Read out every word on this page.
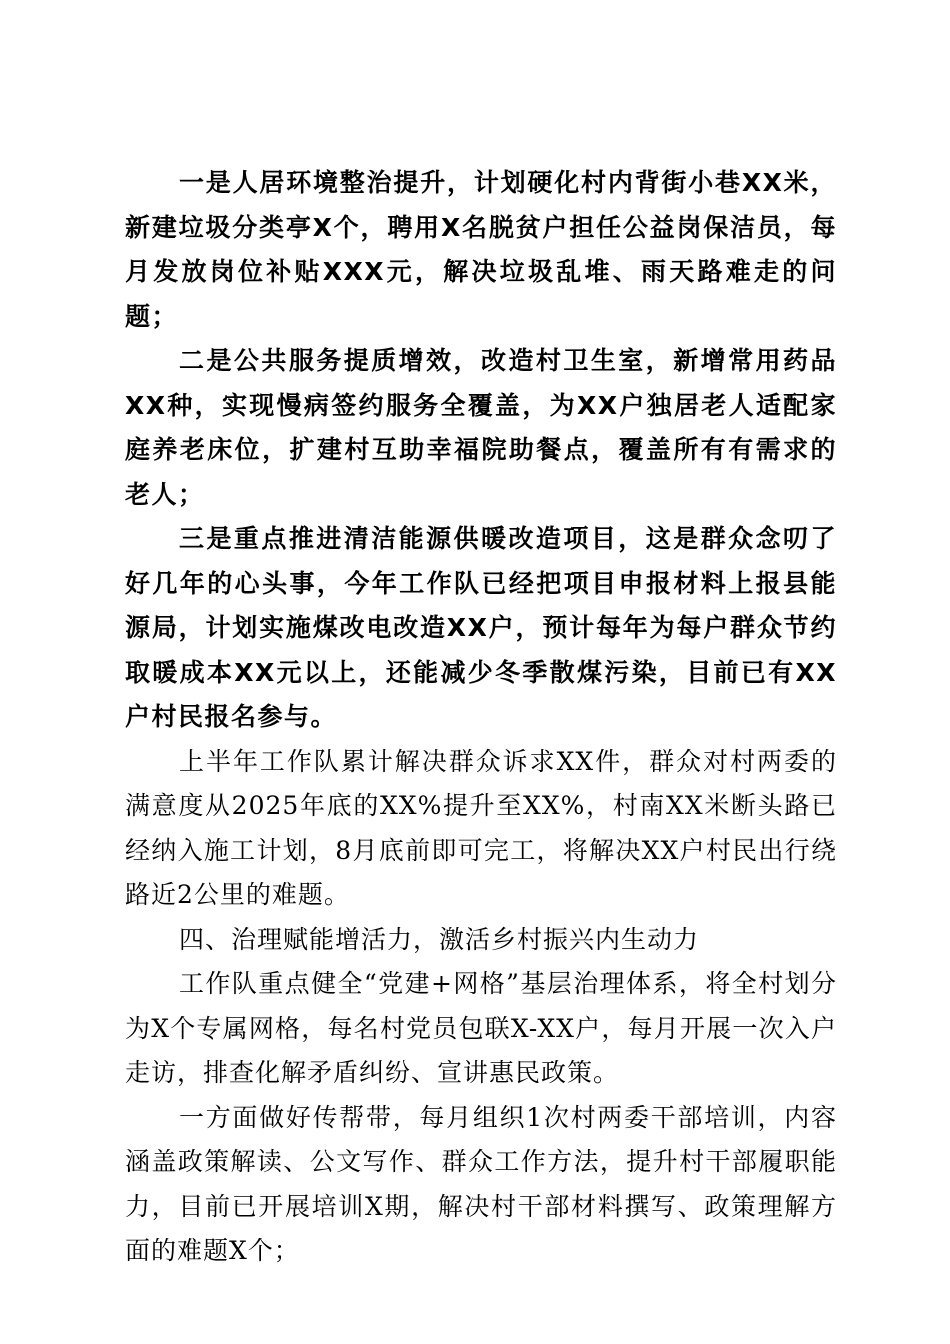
一是人居环境整治提升，计划硬化村内背街小巷XX米，新建垃圾分类亭X个，聘用X名脱贫户担任公益岗保洁员，每月发放岗位补贴XXX元，解决垃圾乱堆、雨天路难走的问题；

二是公共服务提质增效，改造村卫生室，新增常用药品XX种，实现慢病签约服务全覆盖，为XX户独居老人适配家庭养老床位，扩建村互助幸福院助餐点，覆盖所有有需求的老人；

三是重点推进清洁能源供暖改造项目，这是群众念叨了好几年的心头事，今年工作队已经把项目申报材料上报县能源局，计划实施煤改电改造XX户，预计每年为每户群众节约取暖成本XX元以上，还能减少冬季散煤污染，目前已有XX户村民报名参与。

上半年工作队累计解决群众诉求XX件，群众对村两委的满意度从2025年底的XX%提升至XX%，村南XX米断头路已经纳入施工计划，8月底前即可完工，将解决XX户村民出行绕路近2公里的难题。

四、治理赋能增活力，激活乡村振兴内生动力

工作队重点健全“党建+网格”基层治理体系，将全村划分为X个专属网格，每名村党员包联X-XX户，每月开展一次入户走访，排查化解矛盾纠纷、宣讲惠民政策。

一方面做好传帮带，每月组织1次村两委干部培训，内容涵盖政策解读、公文写作、群众工作方法，提升村干部履职能力，目前已开展培训X期，解决村干部材料撰写、政策理解方面的难题X个；
